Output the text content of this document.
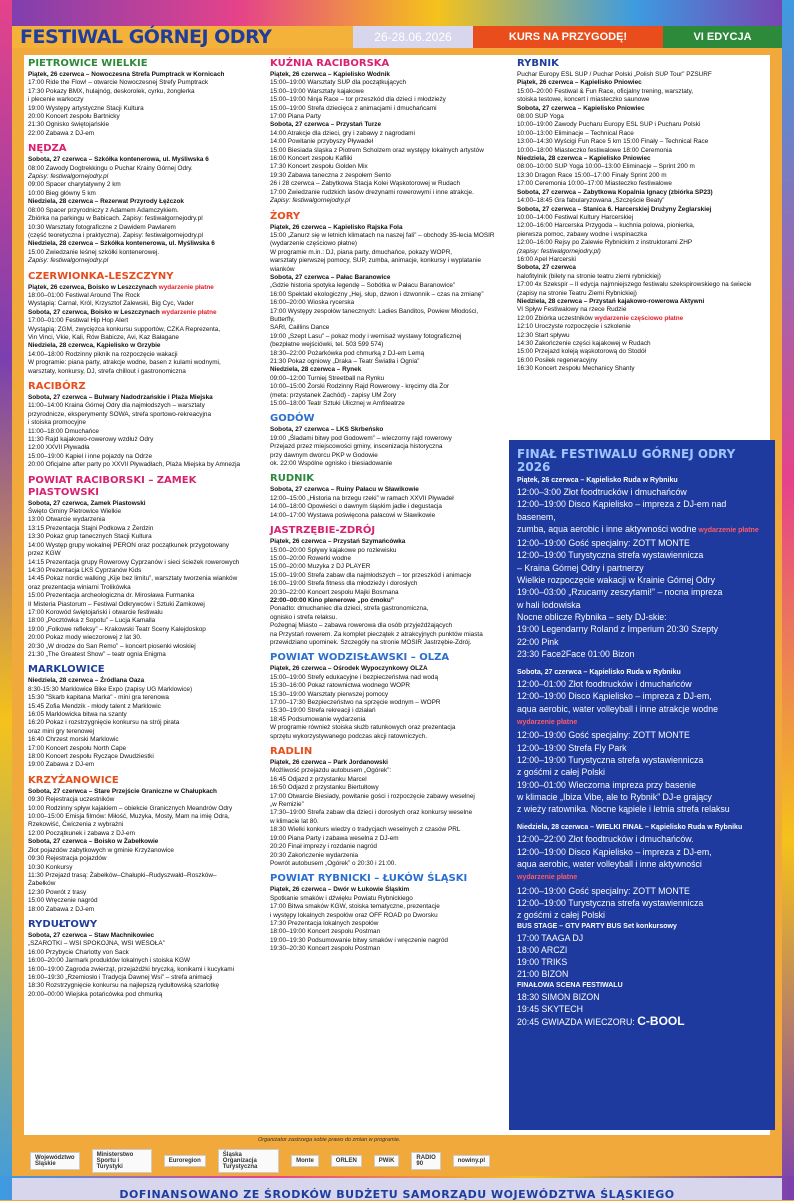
FESTIWAL GÓRNEJ ODRY	26-28.06.2026	KURS NA PRZYGODĘ!	VI EDYCJA
PIETROWICE WIELKIE
Piątek, 26 czerwca – Nowoczesna Strefa Pumptrack w Kornicach
17:00 Ride the Flow! – otwarcie Nowoczesnej Strefy Pumptrack
17:30 Pokazy BMX, hulajnóg, deskorolek, cyrku, żonglerka
i plecenie warkoczy
19:00 Występy artystyczne Stacji Kultura
20:00 Koncert zespołu Bartnicky
21:30 Ognisko świętojańskie
22:00 Zabawa z DJ-em
NĘDZA
Sobota, 27 czerwca – Szkółka kontenerowa, ul. Myśliwska 6
08:00 Zawody Dogtrekkingu o Puchar Krainy Górnej Odry.
Zapisy: festiwalgornejodry.pl
09:00 Spacer charytatywny 2 km
10:00 Bieg główny 5 km
Niedziela, 28 czerwca – Rezerwat Przyrody Łężczok
08:00 Spacer przyrodniczy z Adamem Adamczykiem.
Zbiórka na parkingu w Babicach. Zapisy: festiwalgornejodry.pl
10:30 Warsztaty fotograficzne z Dawidem Pawlarem
(część teoretyczna i praktyczna). Zapisy: festiwalgornejodry.pl
Niedziela, 28 czerwca – Szkółka kontenerowa, ul. Myśliwska 6
15:00 Zwiedzanie leśnej szkółki kontenerowej.
Zapisy: festiwalgornejodry.pl
CZERWIONKA-LESZCZYNY
Piątek, 26 czerwca, Boisko w Leszczynach wydarzenie płatne
18:00–01:00 Festiwal Around The Rock
Wystąpią: Carnal, Król, Krzysztof Zalewski, Big Cyc, Vader
Sobota, 27 czerwca, Boisko w Leszczynach wydarzenie płatne
17:00–01:00 Festiwal Hip Hop Alert
Wystąpią: ZGM, zwycięzca konkursu supportów, CZKA Reprezenta,
Vin Vinci, Vkie, Kali, Rów Babicze, Avi, Kaz Bałagane
Niedziela, 28 czerwca, Kąpielisko w Grzybie
14:00–18:00 Rodzinny piknik na rozpoczęcie wakacji
W programie: piana party, atrakcje wodne, basen z kulami wodnymi,
warsztaty, konkursy, DJ, strefa chillout i gastronomiczna
RACIBÓRZ
Sobota, 27 czerwca – Bulwary Nadodrzańskie i Plaża Miejska
11:00–14:00 Kraina Górnej Odry dla najmłodszych – warsztaty
przyrodnicze, eksperymenty SOWA, strefa sportowo-rekreacyjna
i stoiska promocyjne
11:00–18:00 Dmuchańce
11:30 Rajd kajakowo-rowerowy wzdłuż Odry
12:00 XXVII Pływadła
15:00–19:00 Kąpiel i inne pojazdy na Odrze
20:00 Oficjalne after party po XXVII Pływadłach, Plaża Miejska by Amnezja
POWIAT RACIBORSKI – ZAMEK PIASTOWSKI
Sobota, 27 czerwca, Zamek Piastowski
Święto Gminy Pietrowice Wielkie
13:00 Otwarcie wydarzenia
13:15 Prezentacja Stajni Podkowa z Żerdzin
13:30 Pokaz grup tanecznych Stacji Kultura
14:00 Występ grupy wokalnej PERON oraz początkunek przygotowany przez KGW
14:15 Prezentacja grupy Rowerowy Cyprzanów i sieci ścieżek rowerowych
14:30 Prezentacja LKS Cyprzanów Kids
14:45 Pokaz nordic walking „Kije bez limitu”, warsztaty tworzenia wianków oraz prezentacja winiarni Trolikówka
15:00 Prezentacja archeologiczna dr. Mirosława Furmanka
II Misteria Piastorum – Festiwal Odkrywców i Sztuki Zamkowej
17:00 Korowód świętojański i otwarcie festiwalu
18:00 „Pocztówka z Sopotu” – Lucja Kamalla
19:00 „Folkowe refleksy” – Krakowski Teatr Sceny Kalejdoskop
20:00 Pokaz mody wieczorowej z lat 30.
20:30 „W drodze do San Remo” – koncert piosenki włoskiej
21:30 „The Greatest Show” – teatr ognia Enigma
MARKLOWICE
Niedziela, 28 czerwca – Źródlana Oaza
8:30-15:30 Marklowice Bike Expo (zapisy UG Marklowice)
15:30 "Skarb kapitana Marka" - mini gra terenowa
15:45 Zofia Mendzik - młody talent z Marklowic
16:05 Marklowicka bitwa na szanty
16:20 Pokaz i rozstrzygnięcie konkursu na strój pirata
oraz mini gry terenowej
16:40 Chrzest morski Marklowic
17:00 Koncert zespołu North Cape
18:00 Koncert zespołu Ryczące Dwudziestki
19:00 Zabawa z DJ-em
KRZYŻANOWICE
Sobota, 27 czerwca – Stare Przejście Graniczne w Chałupkach
09:30 Rejestracja uczestników
10:00 Rodzinny spływ kajakiem – obiekcie Granicznych Meandrów Odry
10:00–15:00 Emisja filmów: Miłość, Muzyka, Mosty, Mam na imię Odra,
Rzekowiść, Ćwiczenia z wybrażni
12:00 Początkunek i zabawa z DJ-em
Sobota, 27 czerwca – Boisko w Żabełkowie
Złot pojazdów zabytkowych w gminie Krzyżanowice
09:30 Rejestracja pojazdów
10:30 Konkursy
11:30 Przejazd trasą: Żabełków–Chałupki–Rudyszwałd–Roszków–Żabełków
12:30 Powrót z trasy
15:00 Wręczenie nagród
18:00 Zabawa z DJ-em
RYDUŁTOWY
Sobota, 27 czerwca – Staw Machnikowiec
„SZAROTKI – WSI SPOKOJNA, WSI WESOŁA”
16:00 Przybycie Charlotty von Sack
16:00–20:00 Jarmark produktów lokalnych i stoiska KGW
16:00–19:00 Zagroda zwierząt, przejażdżki bryczką, konikami i kucykami
16:00–19:30 „Rzemiosło i Tradycja Dawnej Wsi” – strefa animacji
18:30 Rozstrzygnięcie konkursu na najlepszą rydułtowską szarlotkę
20:00–00:00 Wiejska potańcówka pod chmurką
KUŹNIA RACIBORSKA
Piątek, 26 czerwca – Kąpielisko Wodnik
15:00–19:00 Warsztaty SUP dla początkujących
15:00–19:00 Warsztaty kajakowe
15:00–19:00 Ninja Race – tor przeszkód dla dzieci i młodzieży
15:00–19:00 Strefa dziecięca z animacjami i dmuchańcami
17:00 Piana Party
Sobota, 27 czerwca – Przystań Turze
14:00 Atrakcje dla dzieci, gry i zabawy z nagrodami
14:00 Powitanie przybyszy Pływadeł
15:00 Biesiada śląska z Piotrem Scholzem oraz występy lokalnych artystów
16:00 Koncert zespołu Kafliki
17:30 Koncert zespołu Golden Mix
19:30 Zabawa taneczna z zespołem Sento
26 i 28 czerwca – Zabytkowa Stacja Kolei Wąskotorowej w Rudach
17:00 Zwiedzanie rudzkich lasów drezynami rowerowymi i inne atrakcje.
Zapisy: festiwalgornejodry.pl
ŻORY
Piątek, 26 czerwca – Kąpielisko Rajska Fola
15:00 „Zanurz się w letnich klimatach na naszej fali” – obchody 35-lecia MOSIR
(wydarzenie częściowo płatne)
W programie m.in.: DJ, piana party, dmuchańce, pokazy WOPR,
warsztaty pierwszej pomocy, SUP, zumba, animacje, konkursy i wyplatanie wianków
Sobota, 27 czerwca – Pałac Baranowice
„Gdzie historia spotyka legendę – Sobótka w Pałacu Baranowice”
16:00 Spektakl ekologiczny „Hej, słup, dzwon i dzwonnik – czas na zmianę”
16:00–20:00 Wioska rycerska
17:00 Występy zespołów tanecznych: Ladies Banditos, Powiew Młodości, Butterfly,
SARI, Caillins Dance
19:00 „Szept Lasu” – pokaz mody i wernisaż wystawy fotograficznej
(bezpłatne wejściówki, tel. 503 599 574)
18:30–22:00 Pożarkówka pod chmurką z DJ-em Lemą
21:30 Pokaz ogniowy „Draka – Teatr Światła i Ognia”
Niedziela, 28 czerwca – Rynek
09:00–12:00 Turniej Streetball na Rynku
10:00–15:00 Żorski Rodzinny Rajd Rowerowy - kręcimy dla Żor
(meta: przystanek Zachód) - zapisy UM Żory
15:00–18:00 Teatr Sztuki Ulicznej w Amfiteatrze
GODÓW
Sobota, 27 czerwca – LKS Skrbeńsko
19:00 „Śladami bitwy pod Godowem” – wieczorny rajd rowerowy
Przejazd przez miejscowości gminy, inscenizacja historyczna
przy dawnym dworcu PKP w Godowie
ok. 22:00 Wspólne ognisko i biesiadowanie
RUDNIK
Sobota, 27 czerwca – Ruiny Pałacu w Sławikowie
12:00–15:00 „Historia na brzegu rzeki” w ramach XXVII Pływadeł
14:00–18:00 Opowieści o dawnym śląskim jadle i degustacja
14:00–17:00 Wystawa poświęcona pałacowi w Sławikowie
JASTRZĘBIE-ZDRÓJ
Piątek, 26 czerwca – Przystań Szymańcówka
15:00–20:00 Spływy kajakowe po rozlewisku
15:00–20:00 Rowerki wodne
15:00–20:00 Muzyka z DJ PLAYER
15:00–19:00 Strefa zabaw dla najmłodszych – tor przeszkód i animacje
16:00–19:00 Strefa fitness dla młodzieży i dorosłych
20:30–22:00 Koncert zespołu Majki Bosmana
22:00–00:00 Kino plenerowe „po ćmoku”
Ponadto: dmuchaniec dla dzieci, strefa gastronomiczna,
ognisko i strefa relaksu.
Pożegnaj Miasto – zabawa rowerowa dla osób przyjeżdżających
na Przystań rowerem. Za komplet pieczątek z atrakcyjnych punktów miasta
przewidziano upominek. Szczegóły na stronie MOSIR Jastrzębie-Zdrój.
POWIAT WODZISŁAWSKI – OLZA
Piątek, 26 czerwca – Ośrodek Wypoczynkowy OLZA
15:00–19:00 Strefy edukacyjne i bezpieczeństwa nad wodą
15:30–16:00 Pokaz ratownictwa wodnego WOPR
15:30–19:00 Warsztaty pierwszej pomocy
17:00–17:30 Bezpieczeństwo na sprzęcie wodnym – WOPR
15:30–19:00 Strefa rekreacji i działań
18:45 Podsumowanie wydarzenia
W programie również stoiska służb ratunkowych oraz prezentacja
sprzętu wykorzystywanego podczas akcji ratowniczych.
RADLIN
Piątek, 26 czerwca – Park Jordanowski
Możliwość przejazdu autobusem „Ogórek”:
16:45 Odjazd z przystanku Marcel
16:50 Odjazd z przystanku Biertułtowy
17:00 Otwarcie Biesiady, powitanie gości i rozpoczęcie zabawy weselnej
„w Remizie”
17:30–19:00 Strefa zabaw dla dzieci i dorosłych oraz konkursy weselne
w klimacie lat 80.
18:30 Wielki konkurs wiedzy o tradycjach weselnych z czasów PRL
19:00 Piana Party i zabawa weselna z DJ-em
20:20 Finał imprezy i rozdanie nagród
20:30 Zakończenie wydarzenia
Powrót autobusem „Ogórek” o 20:30 i 21:00.
POWIAT RYBNICKI – ŁUKÓW ŚLĄSKI
Piątek, 26 czerwca – Dwór w Łukowie Śląskim
Spotkanie smaków i dźwięku Powiatu Rybnickiego
17:00 Bitwa smaków KGW, stoiska tematyczne, prezentacje
i występy lokalnych zespołów oraz OFF ROAD po Dworsku
17:30 Prezentacja lokalnych zespołów
18:00–19:00 Koncert zespołu Postman
19:00–19:30 Podsumowanie bitwy smaków i wręczenie nagród
19:30–20:30 Koncert zespołu Postman
RYBNIK
Puchar Europy ESL SUP / Puchar Polski „Polish SUP Tour” PZSURF
Piątek, 26 czerwca – Kąpielisko Pniowiec
15:00–20:00 Festiwal & Fun Race, oficjalny trening, warsztaty,
stoiska testowe, koncert i miasteczko saunowe
Sobota, 27 czerwca – Kąpielisko Pniowiec
08:00 SUP Yoga
10:00–19:00 Zawody Pucharu Europy ESL SUP i Pucharu Polski
10:00–13:00 Eliminacje – Technical Race
13:00–14:30 Wyścigi Fun Race 5 km 15:00 Finały – Technical Race
10:00–18:00 Miasteczko festiwalowe 18:00 Ceremonia
Niedziela, 28 czerwca – Kąpielisko Pniowiec
08:00–10:00 SUP Yoga 10:00–13:00 Eliminacje – Sprint 200 m
13:30 Dragon Race 15:00–17:00 Finały Sprint 200 m
17:00 Ceremonia 10:00–17:00 Miasteczko festiwalowe
Sobota, 27 czerwca – Zabytkowa Kopalnia Ignacy (zbiórka SP23)
14:00–18:45 Gra fabularyzowana „Szczęście Beaty”
Sobota, 27 czerwca – Stanica 6. Harcerskiej Drużyny Żeglarskiej
10:00–14:00 Festiwal Kultury Harcerskiej
12:00–16:00 Harcerska Przygoda – kuchnia polowa, pionierka,
pierwsza pomoc, zabawy wodne i wspinaczka
12:00–16:00 Rejsy po Zalewie Rybnickim z instruktorami ZHP
(zapisy: festiwalgornejodry.pl)
16:00 Apel Harcerski
Sobota, 27 czerwca
halofitylnik (bilety na stronie teatru ziemi rybnickiej)
17:00 4x Szekspir – II edycja najmniejszego festiwalu szekspirowskiego na świecie
(zapisy na stronie Teatru Ziemi Rybnickiej)
Niedziela, 28 czerwca – Przystań kajakowo-rowerowa Aktywni
VI Spływ Festiwalowy na rzece Rudzie
12:00 Zbiórka uczestników wydarzenie częściowo płatne
12:10 Uroczyste rozpoczęcie i szkolenie
12:30 Start spływu
14:30 Zakończenie części kajakowej w Rudach
15:00 Przejazd koleją wąskotorową do Stodół
16:00 Posiłek regeneracyjny
16:30 Koncert zespołu Mechanicy Shanty
FINAŁ FESTIWALU GÓRNEJ ODRY 2026
Piątek, 26 czerwca – Kąpielisko Ruda w Rybniku
12:00–3:00 Złot foodtrucków i dmuchańców
12:00–19:00 Disco Kąpielisko – impreza z DJ-em nad basenem,
zumba, aqua aerobic i inne aktywności wodne wydarzenie płatne
12:00–19:00 Gość specjalny: ZOTT MONTE
12:00–19:00 Turystyczna strefa wystawiennicza
– Kraina Górnej Odry i partnerzy
Wielkie rozpoczęcie wakacji w Krainie Górnej Odry
19:00–03:00 „Rzucamy zeszytami!” – nocna impreza
w hali lodowiska
Nocne oblicze Rybnika – sety DJ-skie:
19:00 Legendarny Roland z Imperium 20:30 Szepty
22:00 Pink
23:30 Face2Face 01:00 Bizon
Sobota, 27 czerwca – Kąpielisko Ruda w Rybniku
12:00–01:00 Złot foodtrucków i dmuchańców
12:00–19:00 Disco Kąpielisko – impreza z DJ-em,
aqua aerobic, water volleyball i inne atrakcje wodne
wydarzenie płatne
12:00–19:00 Gość specjalny: ZOTT MONTE
12:00–19:00 Strefa Fly Park
12:00–19:00 Turystyczna strefa wystawiennicza
z gośćmi z całej Polski
19:00–01:00 Wieczorna impreza przy basenie
w klimacie „Ibiza Vibe, ale to Rybnik” DJ-e grający
z wieży ratownika. Nocne kąpiele i letnia strefa relaksu
Niedziela, 28 czerwca – WIELKI FINAŁ – Kąpielisko Ruda w Rybniku
12:00–22:00 Złot foodtrucków i dmuchańców.
12:00–19:00 Disco Kąpielisko – impreza z DJ-em,
aqua aerobic, water volleyball i inne aktywności
wydarzenie płatne
12:00–19:00 Gość specjalny: ZOTT MONTE
12:00–19:00 Turystyczna strefa wystawiennicza
z gośćmi z całej Polski
BUS STAGE – GTV PARTY BUS Set konkursowy
17:00 TAAGA DJ
18:00 ARCZI
19:00 TRIKS
21:00 BIZON
FINAŁOWA SCENA FESTIWALU
18:30 SIMON BIZON
19:45 SKYTECH
20:45 GWIAZDA WIECZORU: C-BOOL
Organizator zastrzega sobie prawo do zmian w programie.
Województwo Śląskie
Ministerstwo Sportu i Turystyki
Euroregion
Śląska Organizacja Turystyczna
Monte	ORLEN	PWiK	RADIO 90	nowiny.pl
DOFINANSOWANO ZE ŚRODKÓW BUDŻETU SAMORZĄDU WOJEWÓDZTWA ŚLĄSKIEGO
